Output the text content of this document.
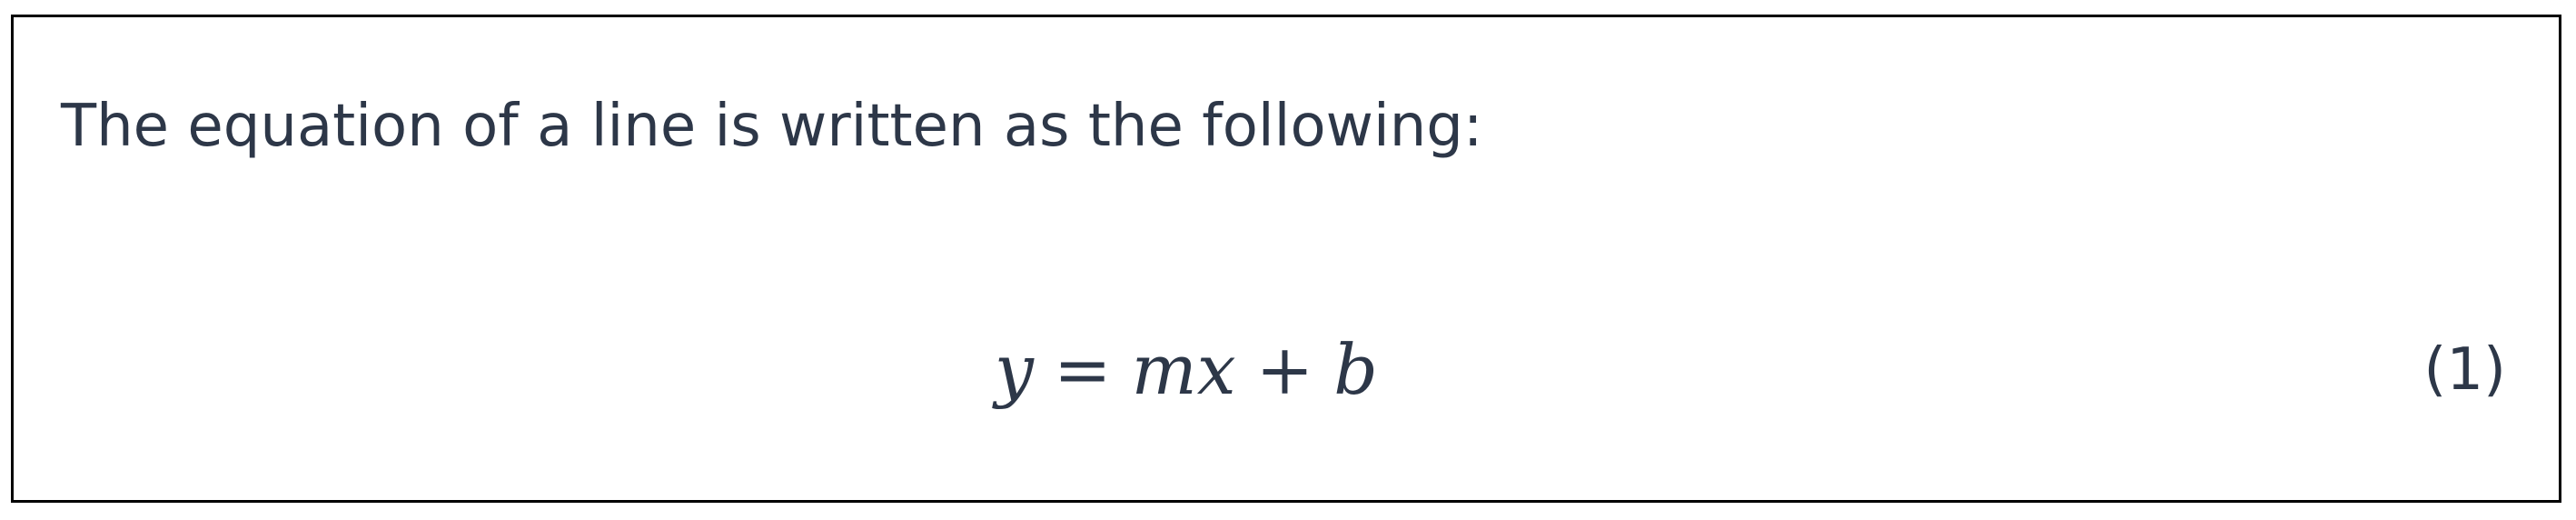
The equation of a line is written as the following:

y = mx + b	(1)
